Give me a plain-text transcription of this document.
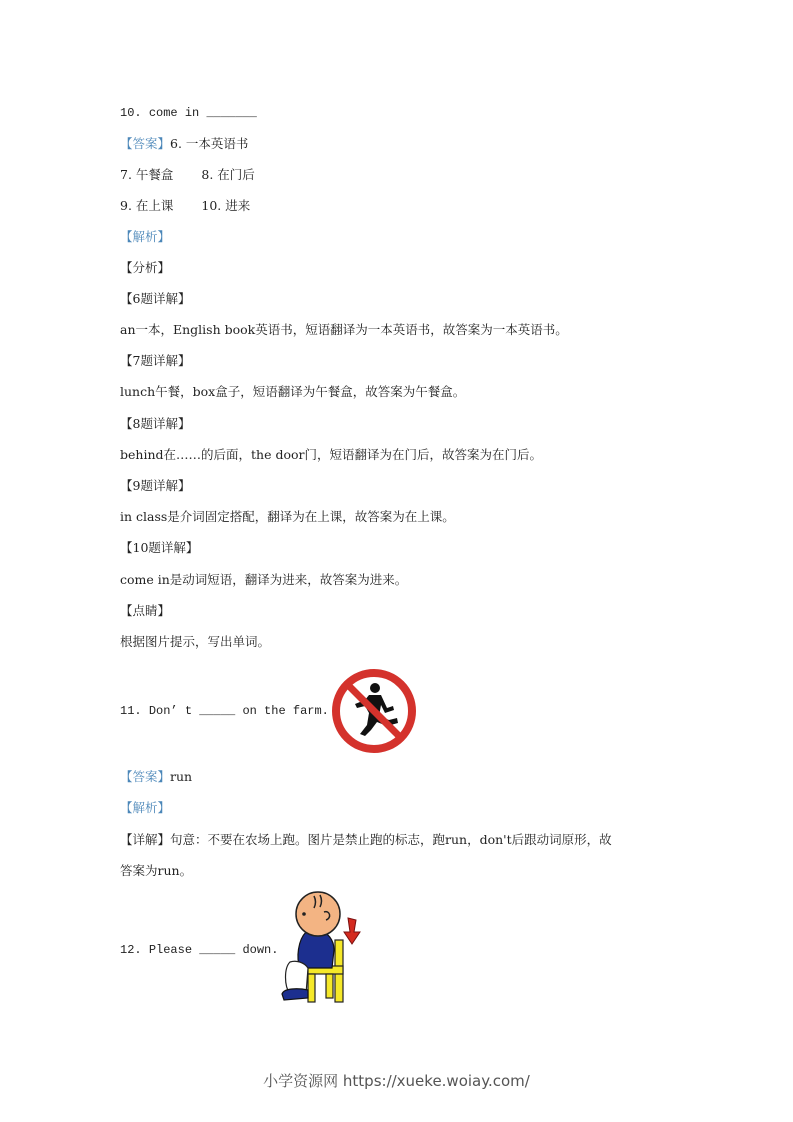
10. come in _______
【答案】6. 一本英语书
7. 午餐盒 8. 在门后
9. 在上课 10. 进来
【解析】
【分析】
【6题详解】
an一本，English book英语书，短语翻译为一本英语书，故答案为一本英语书。
【7题详解】
lunch午餐，box盒子，短语翻译为午餐盒，故答案为午餐盒。
【8题详解】
behind在……的后面，the door门，短语翻译为在门后，故答案为在门后。
【9题详解】
in class是介词固定搭配，翻译为在上课，故答案为在上课。
【10题详解】
come in是动词短语，翻译为进来，故答案为进来。
【点睛】
根据图片提示，写出单词。
11. Don’ t _____ on the farm.
【答案】run
【解析】
【详解】句意：不要在农场上跑。图片是禁止跑的标志，跑run，don't后跟动词原形，故
答案为run。
12. Please _____ down.
小学资源网 https://xueke.woiay.com/
